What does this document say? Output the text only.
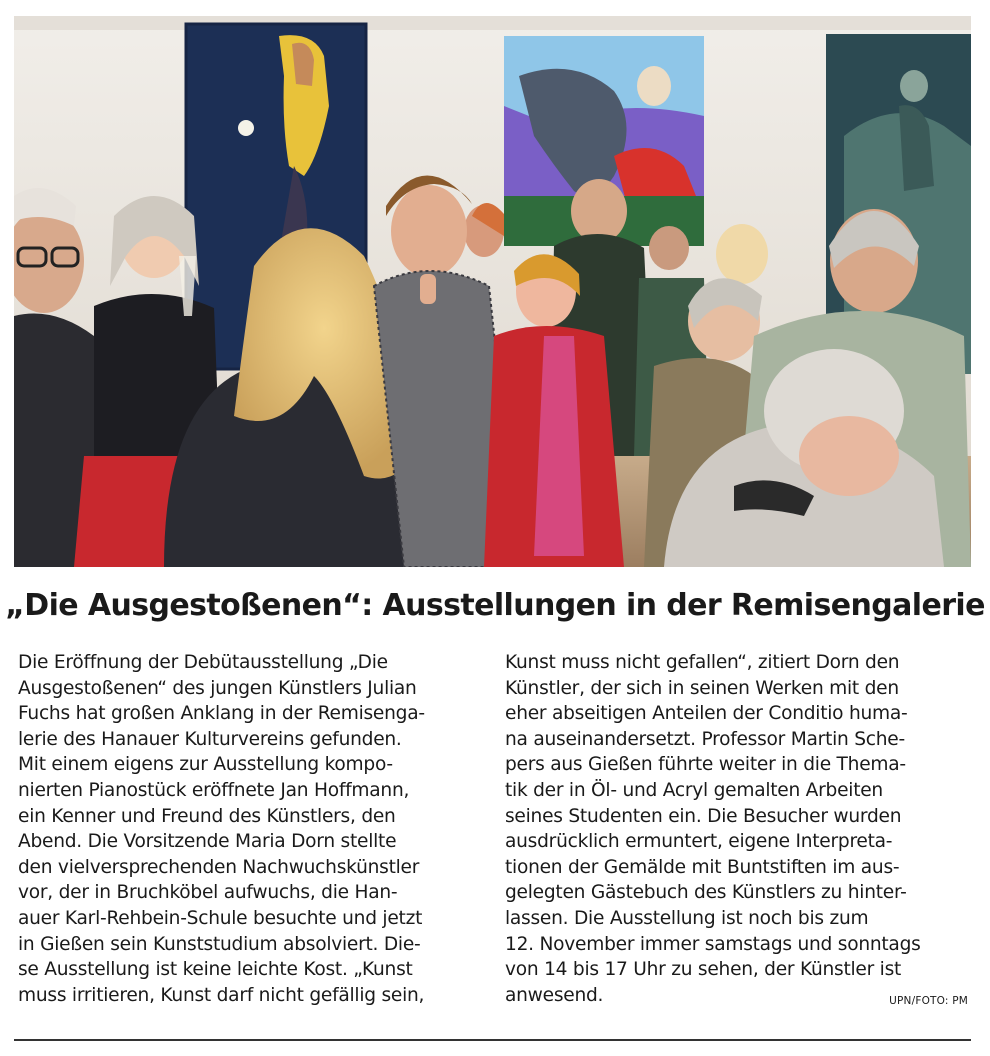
„Die Ausgestoßenen“: Ausstellungen in der Remisengalerie
Die Eröffnung der Debütausstellung „Die
Ausgestoßenen“ des jungen Künstlers Julian
Fuchs hat großen Anklang in der Remisenga-
lerie des Hanauer Kulturvereins gefunden.
Mit einem eigens zur Ausstellung kompo-
nierten Pianostück eröffnete Jan Hoffmann,
ein Kenner und Freund des Künstlers, den
Abend. Die Vorsitzende Maria Dorn stellte
den vielversprechenden Nachwuchskünstler
vor, der in Bruchköbel aufwuchs, die Han-
auer Karl-Rehbein-Schule besuchte und jetzt
in Gießen sein Kunststudium absolviert. Die-
se Ausstellung ist keine leichte Kost. „Kunst
muss irritieren, Kunst darf nicht gefällig sein,
Kunst muss nicht gefallen“, zitiert Dorn den
Künstler, der sich in seinen Werken mit den
eher abseitigen Anteilen der Conditio huma-
na auseinandersetzt. Professor Martin Sche-
pers aus Gießen führte weiter in die Thema-
tik der in Öl- und Acryl gemalten Arbeiten
seines Studenten ein. Die Besucher wurden
ausdrücklich ermuntert, eigene Interpreta-
tionen der Gemälde mit Buntstiften im aus-
gelegten Gästebuch des Künstlers zu hinter-
lassen. Die Ausstellung ist noch bis zum
12. November immer samstags und sonntags
von 14 bis 17 Uhr zu sehen, der Künstler ist
anwesend.	UPN/FOTO: PM
